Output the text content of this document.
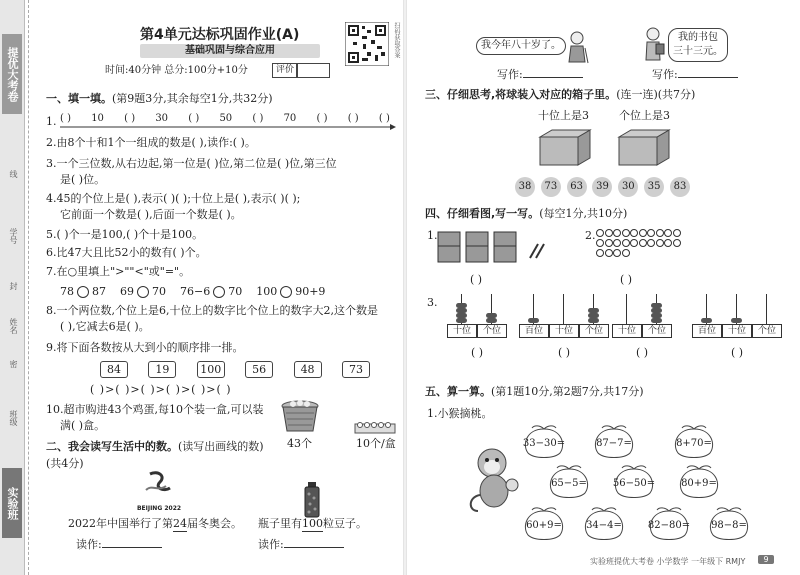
提优大考卷
实验班
线
学号
封
姓名
密
班级
第4单元达标巩固作业(A)
基础巩固与综合应用	扫码获取答案
时间:40分钟 总分:100分+10分	评价
一、填一填。(第9题3分,其余每空1分,共32分)
1. ( ) 10 ( ) 30 ( ) 50 ( ) 70 ( ) ( ) ( )
2.由8个十和1个一组成的数是( ),读作:( )。
3.一个三位数,从右边起,第一位是( )位,第二位是( )位,第三位
是( )位。
4.45的个位上是( ),表示( )( );十位上是( ),表示( )( );
它前面一个数是( ),后面一个数是( )。
5.( )个一是100,( )个十是100。
6.比47大且比52小的数有( )个。
7.在○里填上">""<"或"="。
78 87 69 70 76−6 70 100 90+9
8.一个两位数,个位上是6,十位上的数字比个位上的数字大2,这个数是
( ),它减去6是( )。
9.将下面各数按从大到小的顺序排一排。
84	19	100	56	48	73
( )>( )>( )>( )>( )>( )
10.超市购进43个鸡蛋,每10个装一盒,可以装
满( )盒。
43个	10个/盒
二、我会读写生活中的数。(读写出画线的数)
(共4分)
BEIJING 2022
2022年中国举行了第24届冬奥会。 瓶子里有100粒豆子。
读作:	读作:
我今年八十岁了。
写作:
我的书包
三十三元。
写作:
三、仔细思考,将球装入对应的箱子里。(连一连)(共7分)
十位上是3	个位上是3
38	73	63	39	30	35	83
四、仔细看图,写一写。(每空1分,共10分)
1.
( )
2.
( )
3.
十位	个位
( )
百位	十位	个位
( )
十位	个位
( )
百位	十位	个位
( )
五、算一算。(第1题10分,第2题7分,共17分)
1.小猴摘桃。
33−30=	87−7=	8+70=
65−5=	56−50=	80+9=
60+9=	34−4=	82−80=	98−8=
实验班提优大考卷 小学数学 一年级下 RMJY	9
